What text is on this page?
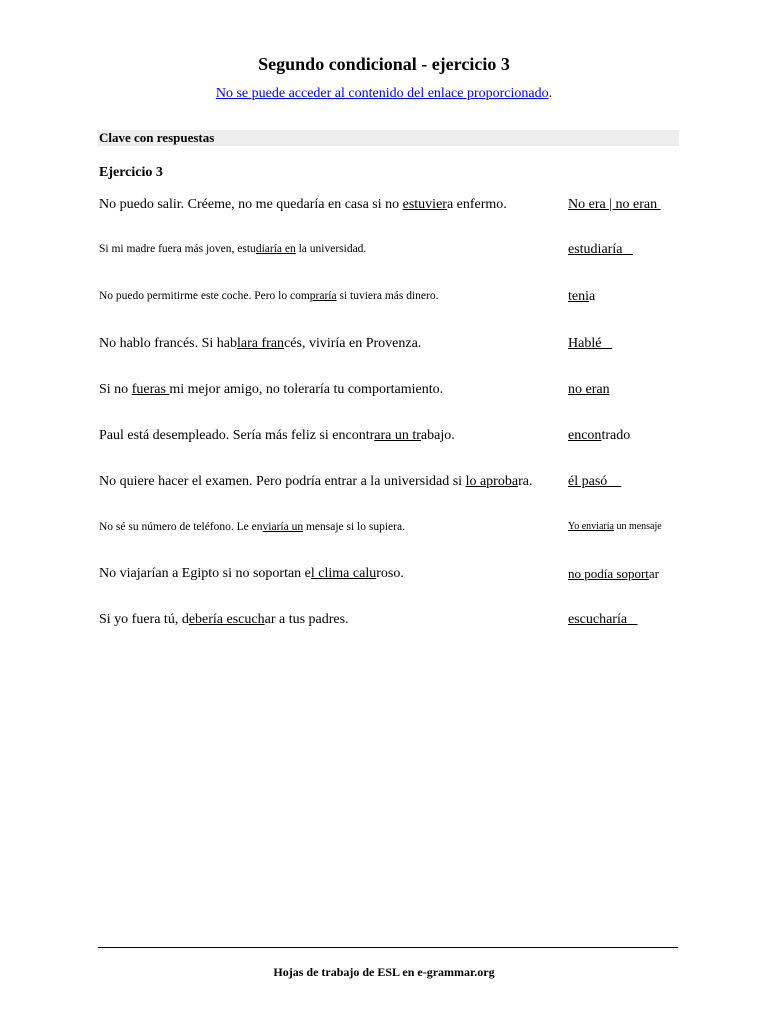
Segundo condicional - ejercicio 3
No se puede acceder al contenido del enlace proporcionado.
Clave con respuestas
Ejercicio 3
No puedo salir. Créeme, no me quedaría en casa si no estuviera enfermo.	No era | no eran
Si mi madre fuera más joven, estudiaría en la universidad.	estudiaría
No puedo permitirme este coche. Pero lo compraría si tuviera más dinero.	tenia
No hablo francés. Si hablara francés, viviría en Provenza.	Hablé
Si no fueras mi mejor amigo, no toleraría tu comportamiento.	no eran
Paul está desempleado. Sería más feliz si encontrara un trabajo.	encontrado
No quiere hacer el examen. Pero podría entrar a la universidad si lo aprobara.	él pasó
No sé su número de teléfono. Le enviaría un mensaje si lo supiera.	Yo enviaría un mensaje
No viajarían a Egipto si no soportan el clima caluroso.	no podía soportar
Si yo fuera tú, debería escuchar a tus padres.	escucharía
Hojas de trabajo de ESL en e-grammar.org
